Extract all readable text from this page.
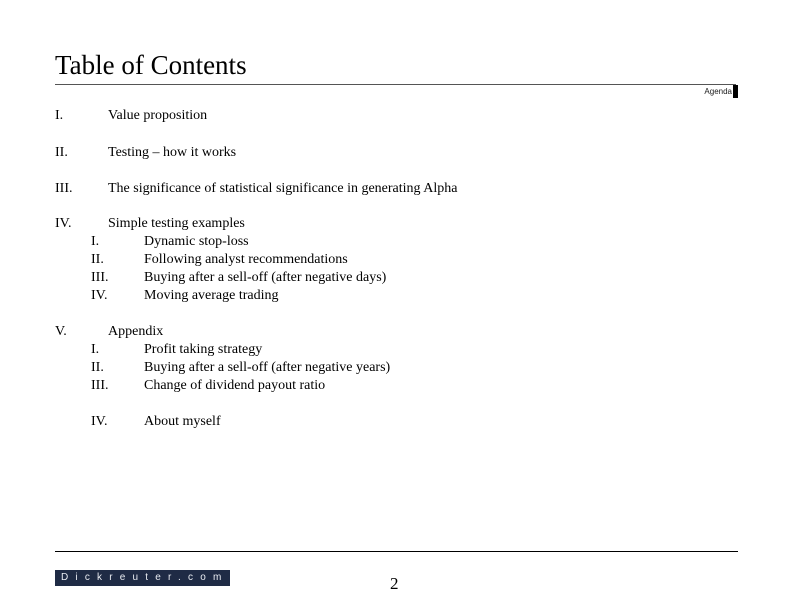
Table of Contents
Agenda
I.	Value proposition
II.	Testing – how it works
III.	The significance of statistical significance in generating Alpha
IV.	Simple testing examples
I.	Dynamic stop-loss
II.	Following analyst recommendations
III.	Buying after a sell-off (after negative days)
IV.	Moving average trading
V.	Appendix
I.	Profit taking strategy
II.	Buying after a sell-off (after negative years)
III.	Change of dividend payout ratio
IV.	About myself
Dickreuter.com	2
